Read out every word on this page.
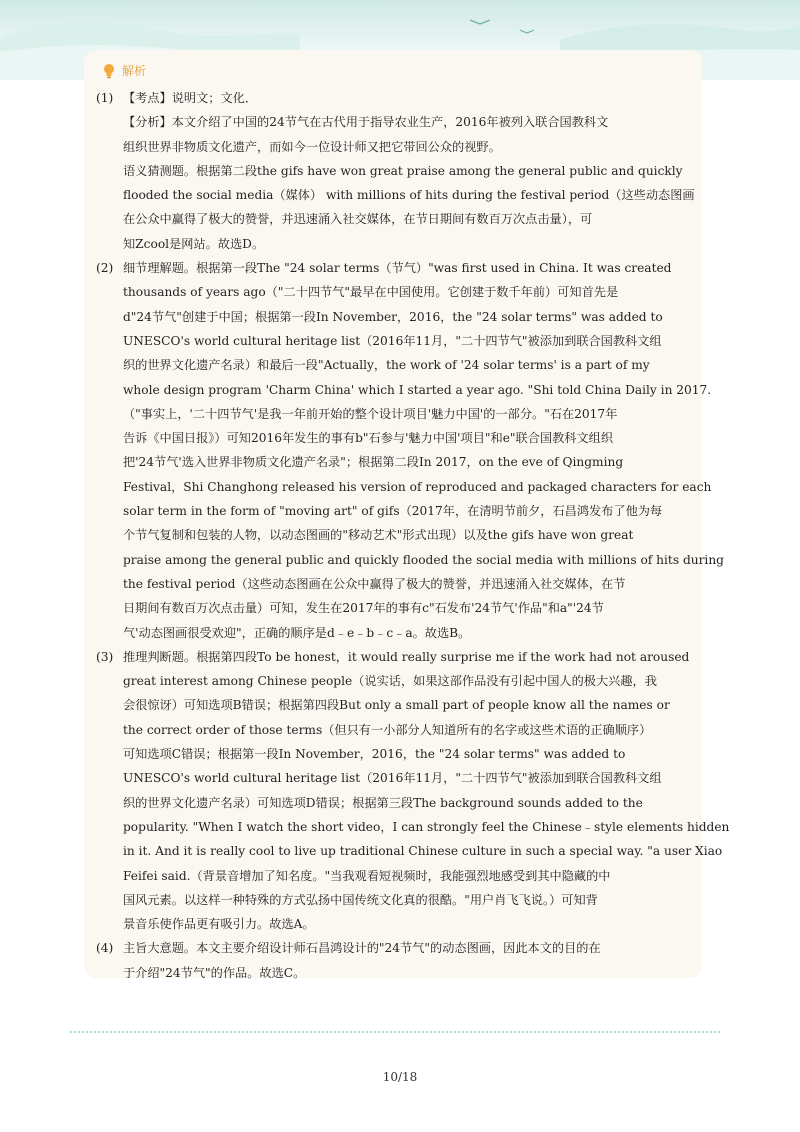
解析
(1) 【考点】说明文；文化．
【分析】本文介绍了中国的24节气在古代用于指导农业生产，2016年被列入联合国教科文
组织世界非物质文化遗产，而如今一位设计师又把它带回公众的视野。
语义猜测题。根据第二段the gifs have won great praise among the general public and quickly
flooded the social media（媒体） with millions of hits during the festival period（这些动态图画
在公众中赢得了极大的赞誉，并迅速涌入社交媒体，在节日期间有数百万次点击量），可
知Zcool是网站。故选D。
(2) 细节理解题。根据第一段The "24 solar terms（节气）"was first used in China. It was created
thousands of years ago（"二十四节气"最早在中国使用。它创建于数千年前）可知首先是
d"24节气"创建于中国；根据第一段In November，2016，the "24 solar terms" was added to
UNESCO's world cultural heritage list（2016年11月，"二十四节气"被添加到联合国教科文组
织的世界文化遗产名录）和最后一段"Actually，the work of '24 solar terms' is a part of my
whole design program 'Charm China' which I started a year ago. "Shi told China Daily in 2017.
（"事实上，'二十四节气'是我一年前开始的整个设计项目'魅力中国'的一部分。"石在2017年
告诉《中国日报》）可知2016年发生的事有b"石参与'魅力中国'项目"和e"联合国教科文组织
把'24节气'选入世界非物质文化遗产名录"；根据第二段In 2017，on the eve of Qingming
Festival，Shi Changhong released his version of reproduced and packaged characters for each
solar term in the form of "moving art" of gifs（2017年，在清明节前夕，石昌鸿发布了他为每
个节气复制和包装的人物，以动态图画的"移动艺术"形式出现）以及the gifs have won great
praise among the general public and quickly flooded the social media with millions of hits during
the festival period（这些动态图画在公众中赢得了极大的赞誉，并迅速涌入社交媒体，在节
日期间有数百万次点击量）可知，发生在2017年的事有c"石发布'24节气'作品"和a"'24节
气'动态图画很受欢迎"，正确的顺序是d﹣e﹣b﹣c﹣a。故选B。
(3) 推理判断题。根据第四段To be honest，it would really surprise me if the work had not aroused
great interest among Chinese people（说实话，如果这部作品没有引起中国人的极大兴趣，我
会很惊讶）可知选项B错误；根据第四段But only a small part of people know all the names or
the correct order of those terms（但只有一小部分人知道所有的名字或这些术语的正确顺序）
可知选项C错误；根据第一段In November，2016，the "24 solar terms" was added to
UNESCO's world cultural heritage list（2016年11月，"二十四节气"被添加到联合国教科文组
织的世界文化遗产名录）可知选项D错误；根据第三段The background sounds added to the
popularity. "When I watch the short video，I can strongly feel the Chinese﹣style elements hidden
in it. And it is really cool to live up traditional Chinese culture in such a special way. "a user Xiao
Feifei said.（背景音增加了知名度。"当我观看短视频时，我能强烈地感受到其中隐藏的中
国风元素。以这样一种特殊的方式弘扬中国传统文化真的很酷。"用户肖飞飞说。）可知背
景音乐使作品更有吸引力。故选A。
(4) 主旨大意题。本文主要介绍设计师石昌鸿设计的"24节气"的动态图画，因此本文的目的在
于介绍"24节气"的作品。故选C。
10/18
